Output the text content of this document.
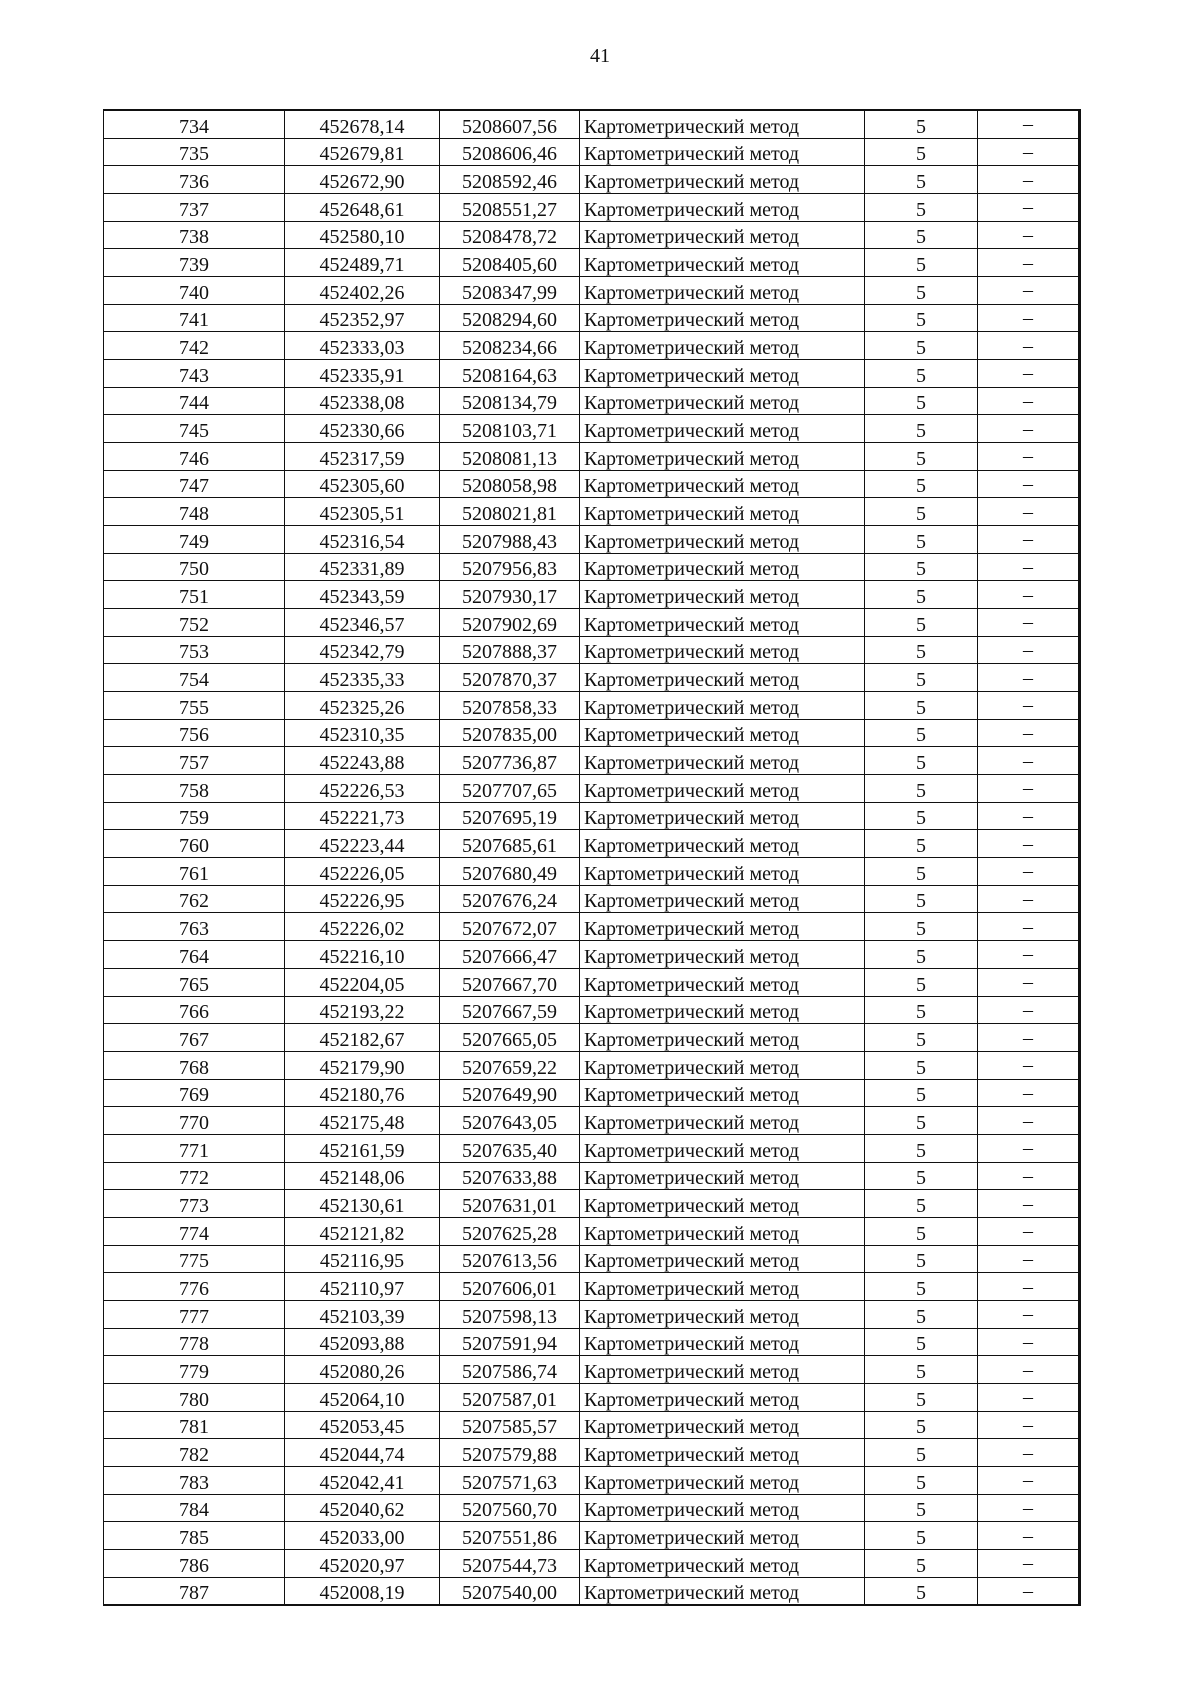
41
734	452678,14	5208607,56	Картометрический метод	5	–
735	452679,81	5208606,46	Картометрический метод	5	–
736	452672,90	5208592,46	Картометрический метод	5	–
737	452648,61	5208551,27	Картометрический метод	5	–
738	452580,10	5208478,72	Картометрический метод	5	–
739	452489,71	5208405,60	Картометрический метод	5	–
740	452402,26	5208347,99	Картометрический метод	5	–
741	452352,97	5208294,60	Картометрический метод	5	–
742	452333,03	5208234,66	Картометрический метод	5	–
743	452335,91	5208164,63	Картометрический метод	5	–
744	452338,08	5208134,79	Картометрический метод	5	–
745	452330,66	5208103,71	Картометрический метод	5	–
746	452317,59	5208081,13	Картометрический метод	5	–
747	452305,60	5208058,98	Картометрический метод	5	–
748	452305,51	5208021,81	Картометрический метод	5	–
749	452316,54	5207988,43	Картометрический метод	5	–
750	452331,89	5207956,83	Картометрический метод	5	–
751	452343,59	5207930,17	Картометрический метод	5	–
752	452346,57	5207902,69	Картометрический метод	5	–
753	452342,79	5207888,37	Картометрический метод	5	–
754	452335,33	5207870,37	Картометрический метод	5	–
755	452325,26	5207858,33	Картометрический метод	5	–
756	452310,35	5207835,00	Картометрический метод	5	–
757	452243,88	5207736,87	Картометрический метод	5	–
758	452226,53	5207707,65	Картометрический метод	5	–
759	452221,73	5207695,19	Картометрический метод	5	–
760	452223,44	5207685,61	Картометрический метод	5	–
761	452226,05	5207680,49	Картометрический метод	5	–
762	452226,95	5207676,24	Картометрический метод	5	–
763	452226,02	5207672,07	Картометрический метод	5	–
764	452216,10	5207666,47	Картометрический метод	5	–
765	452204,05	5207667,70	Картометрический метод	5	–
766	452193,22	5207667,59	Картометрический метод	5	–
767	452182,67	5207665,05	Картометрический метод	5	–
768	452179,90	5207659,22	Картометрический метод	5	–
769	452180,76	5207649,90	Картометрический метод	5	–
770	452175,48	5207643,05	Картометрический метод	5	–
771	452161,59	5207635,40	Картометрический метод	5	–
772	452148,06	5207633,88	Картометрический метод	5	–
773	452130,61	5207631,01	Картометрический метод	5	–
774	452121,82	5207625,28	Картометрический метод	5	–
775	452116,95	5207613,56	Картометрический метод	5	–
776	452110,97	5207606,01	Картометрический метод	5	–
777	452103,39	5207598,13	Картометрический метод	5	–
778	452093,88	5207591,94	Картометрический метод	5	–
779	452080,26	5207586,74	Картометрический метод	5	–
780	452064,10	5207587,01	Картометрический метод	5	–
781	452053,45	5207585,57	Картометрический метод	5	–
782	452044,74	5207579,88	Картометрический метод	5	–
783	452042,41	5207571,63	Картометрический метод	5	–
784	452040,62	5207560,70	Картометрический метод	5	–
785	452033,00	5207551,86	Картометрический метод	5	–
786	452020,97	5207544,73	Картометрический метод	5	–
787	452008,19	5207540,00	Картометрический метод	5	–
